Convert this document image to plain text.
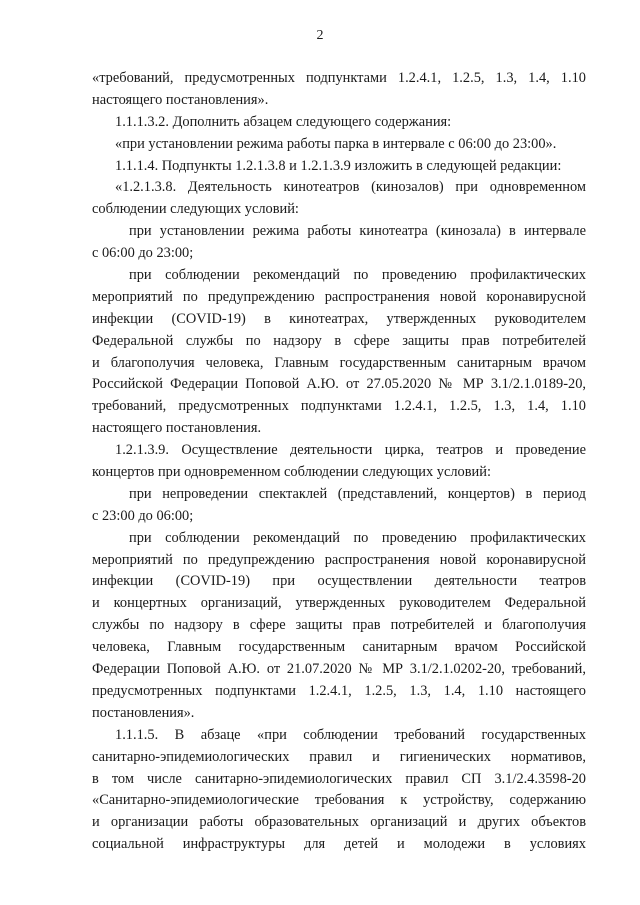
2
«требований, предусмотренных подпунктами 1.2.4.1, 1.2.5, 1.3, 1.4, 1.10
настоящего постановления».
1.1.1.3.2. Дополнить абзацем следующего содержания:
«при установлении режима работы парка в интервале с 06:00 до 23:00».
1.1.1.4. Подпункты 1.2.1.3.8 и 1.2.1.3.9 изложить в следующей редакции:
«1.2.1.3.8. Деятельность кинотеатров (кинозалов) при одновременном
соблюдении следующих условий:
при установлении режима работы кинотеатра (кинозала) в интервале
с 06:00 до 23:00;
при соблюдении рекомендаций по проведению профилактических
мероприятий по предупреждению распространения новой коронавирусной
инфекции (COVID-19) в кинотеатрах, утвержденных руководителем
Федеральной службы по надзору в сфере защиты прав потребителей
и благополучия человека, Главным государственным санитарным врачом
Российской Федерации Поповой А.Ю. от 27.05.2020 № МР 3.1/2.1.0189-20,
требований, предусмотренных подпунктами 1.2.4.1, 1.2.5, 1.3, 1.4, 1.10
настоящего постановления.
1.2.1.3.9. Осуществление деятельности цирка, театров и проведение
концертов при одновременном соблюдении следующих условий:
при непроведении спектаклей (представлений, концертов) в период
с 23:00 до 06:00;
при соблюдении рекомендаций по проведению профилактических
мероприятий по предупреждению распространения новой коронавирусной
инфекции (COVID-19) при осуществлении деятельности театров
и концертных организаций, утвержденных руководителем Федеральной
службы по надзору в сфере защиты прав потребителей и благополучия
человека, Главным государственным санитарным врачом Российской
Федерации Поповой А.Ю. от 21.07.2020 № МР 3.1/2.1.0202-20, требований,
предусмотренных подпунктами 1.2.4.1, 1.2.5, 1.3, 1.4, 1.10 настоящего
постановления».
1.1.1.5. В абзаце «при соблюдении требований государственных
санитарно-эпидемиологических правил и гигиенических нормативов,
в том числе санитарно-эпидемиологических правил СП 3.1/2.4.3598-20
«Санитарно-эпидемиологические требования к устройству, содержанию
и организации работы образовательных организаций и других объектов
социальной инфраструктуры для детей и молодежи в условиях
